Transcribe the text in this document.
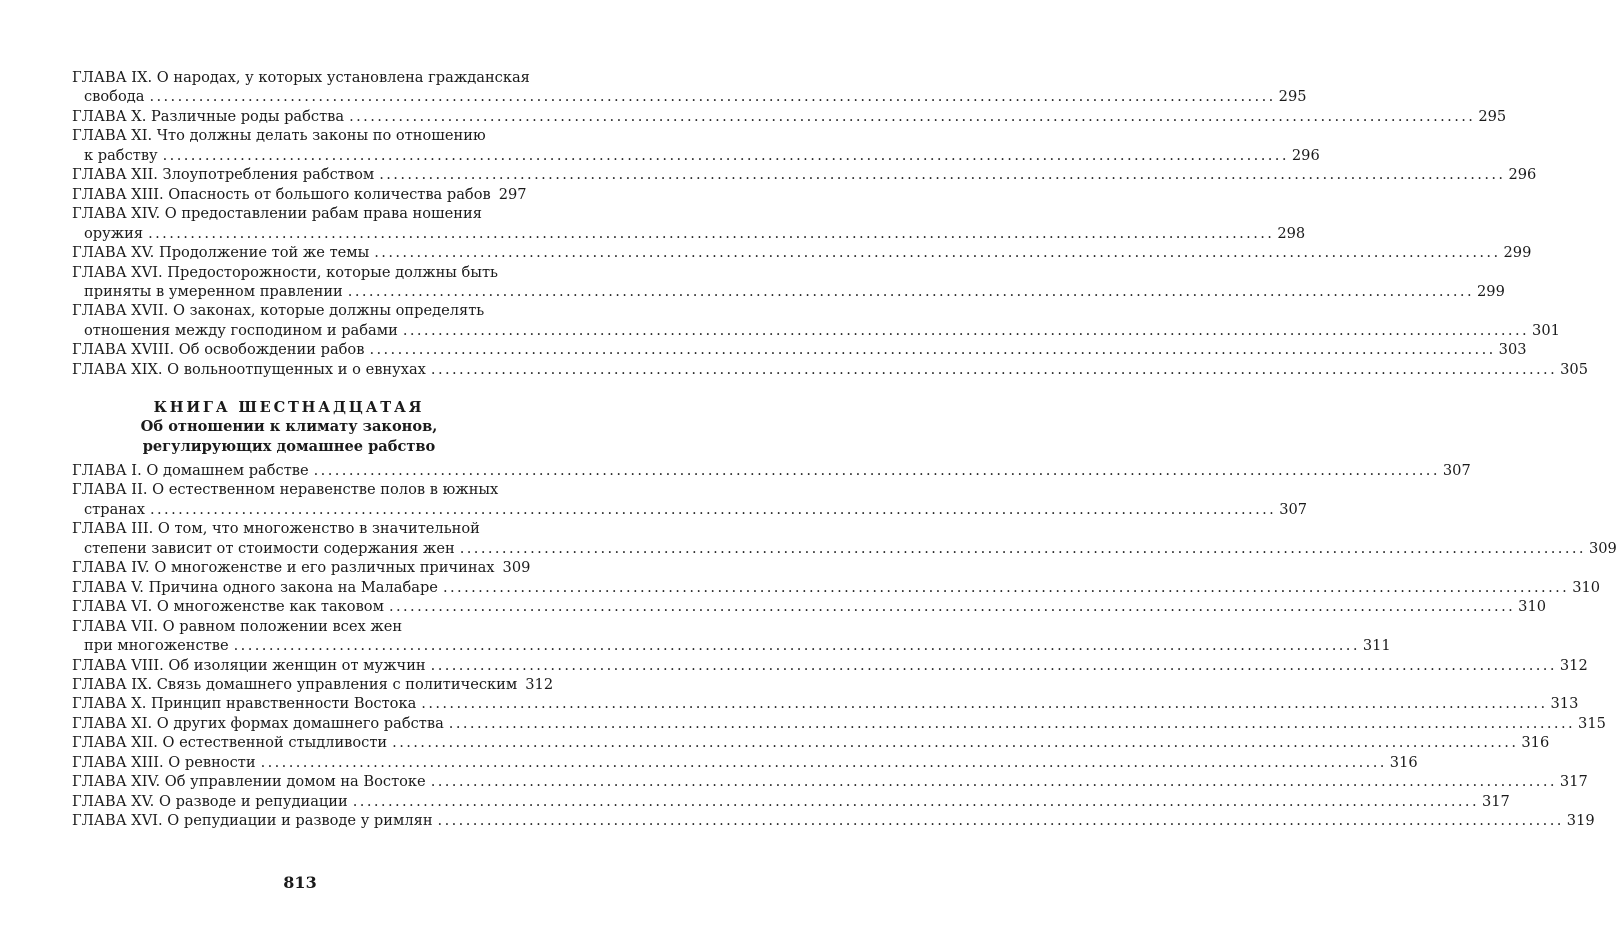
ГЛАВА IX. О народах, у которых установлена гражданская
свобода ................................................................................................................................................................ 295
ГЛАВА X. Различные роды рабства ................................................................................................................................................................ 295
ГЛАВА XI. Что должны делать законы по отношению
к рабству ................................................................................................................................................................ 296
ГЛАВА XII. Злоупотребления рабством ................................................................................................................................................................ 296
ГЛАВА XIII. Опасность от большого количества рабов 297
ГЛАВА XIV. О предоставлении рабам права ношения
оружия ................................................................................................................................................................ 298
ГЛАВА XV. Продолжение той же темы ................................................................................................................................................................ 299
ГЛАВА XVI. Предосторожности, которые должны быть
приняты в умеренном правлении ................................................................................................................................................................ 299
ГЛАВА XVII. О законах, которые должны определять
отношения между господином и рабами ................................................................................................................................................................ 301
ГЛАВА XVIII. Об освобождении рабов ................................................................................................................................................................ 303
ГЛАВА XIX. О вольноотпущенных и о евнухах ................................................................................................................................................................ 305
КНИГА ШЕСТНАДЦАТАЯ
Об отношении к климату законов,
регулирующих домашнее рабство
ГЛАВА I. О домашнем рабстве ................................................................................................................................................................ 307
ГЛАВА II. О естественном неравенстве полов в южных
странах ................................................................................................................................................................ 307
ГЛАВА III. О том, что многоженство в значительной
степени зависит от стоимости содержания жен ................................................................................................................................................................ 309
ГЛАВА IV. О многоженстве и его различных причинах 309
ГЛАВА V. Причина одного закона на Малабаре ................................................................................................................................................................ 310
ГЛАВА VI. О многоженстве как таковом ................................................................................................................................................................ 310
ГЛАВА VII. О равном положении всех жен
при многоженстве ................................................................................................................................................................ 311
ГЛАВА VIII. Об изоляции женщин от мужчин ................................................................................................................................................................ 312
ГЛАВА IX. Связь домашнего управления с политическим 312
ГЛАВА X. Принцип нравственности Востока ................................................................................................................................................................ 313
ГЛАВА XI. О других формах домашнего рабства ................................................................................................................................................................ 315
ГЛАВА XII. О естественной стыдливости ................................................................................................................................................................ 316
ГЛАВА XIII. О ревности ................................................................................................................................................................ 316
ГЛАВА XIV. Об управлении домом на Востоке ................................................................................................................................................................ 317
ГЛАВА XV. О разводе и репудиации ................................................................................................................................................................ 317
ГЛАВА XVI. О репудиации и разводе у римлян ................................................................................................................................................................ 319
813
